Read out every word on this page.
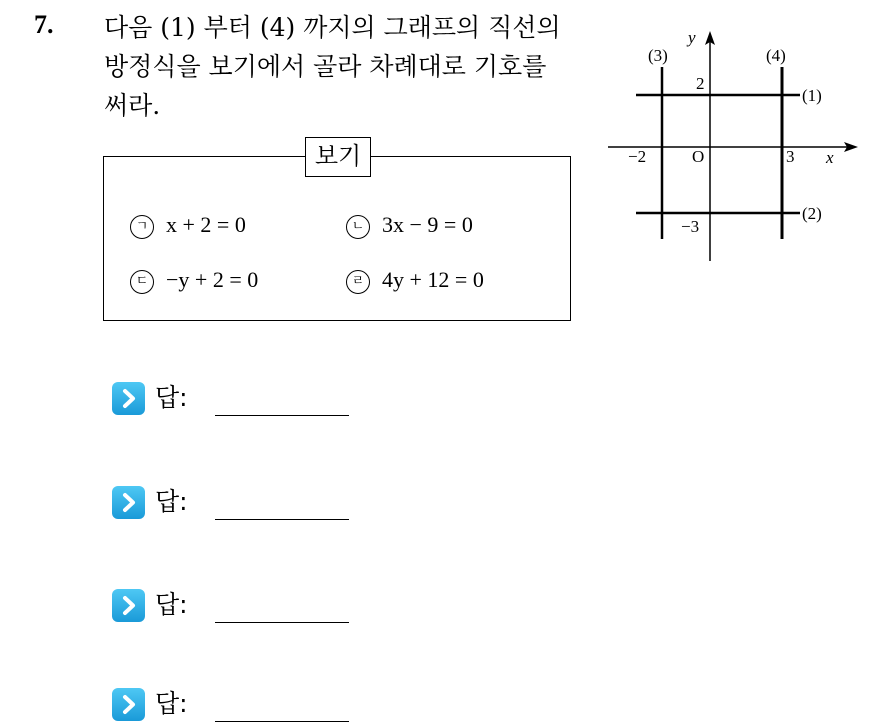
7. 다음 (1) 부터 (4) 까지의 그래프의 직선의
방정식을 보기에서 골라 차례대로 기호를
써라.
보기
ㄱ x + 2 = 0	ㄴ 3x − 9 = 0
ㄷ −y + 2 = 0	ㄹ 4y + 12 = 0
y
x
O
−2	3
2
−3
(1)
(2)
(3)	(4)
답:
답:
답:
답:
